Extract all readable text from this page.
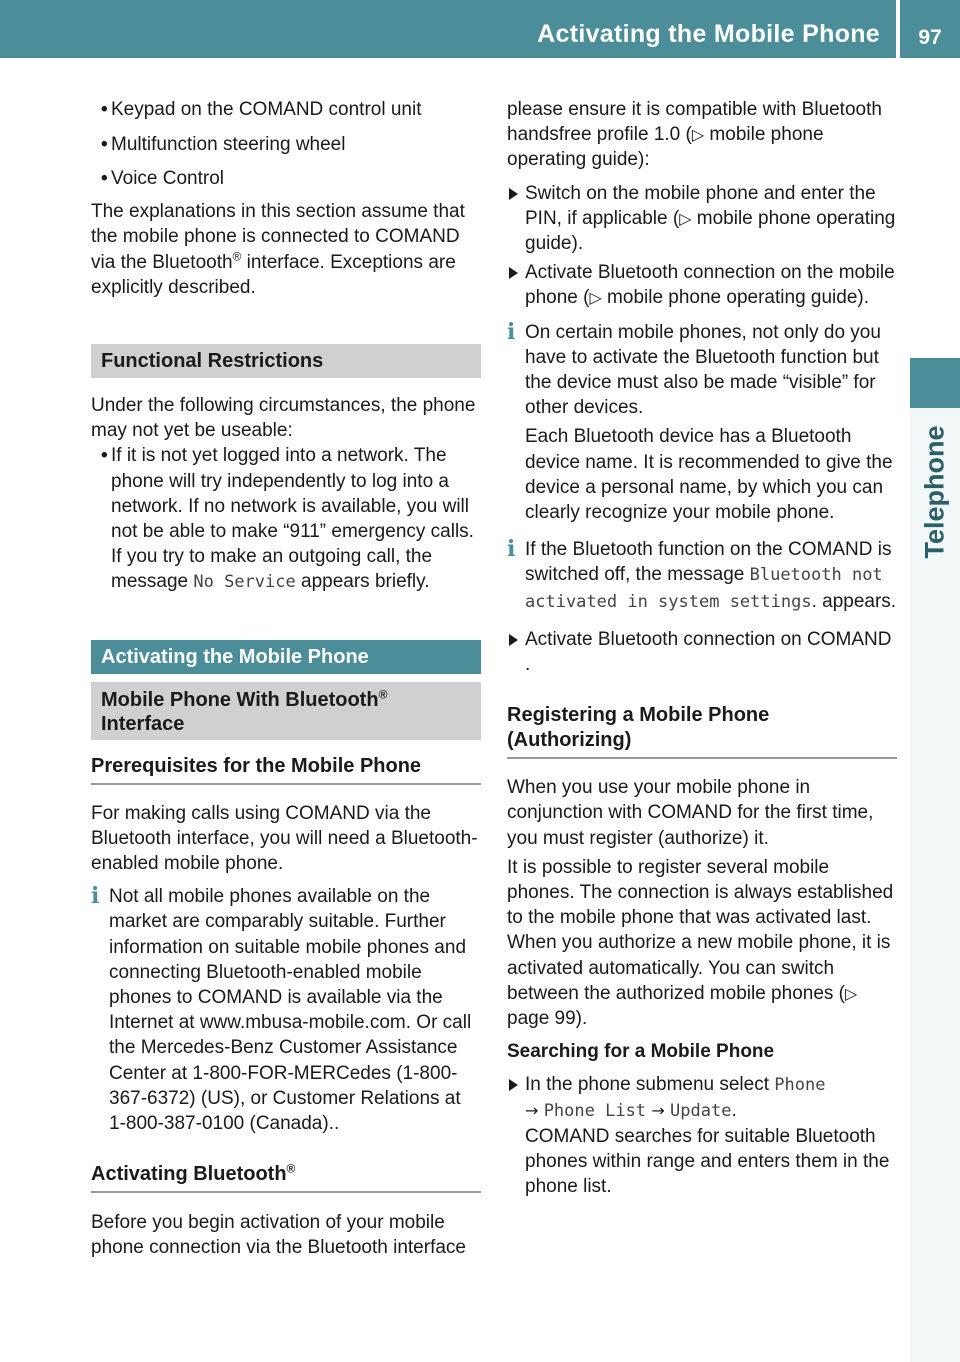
Activating the Mobile Phone	97
Telephone
• Keypad on the COMAND control unit
• Multifunction steering wheel
• Voice Control

The explanations in this section assume that the mobile phone is connected to COMAND via the Bluetooth® interface. Exceptions are explicitly described.

Functional Restrictions

Under the following circumstances, the phone may not yet be useable:

• If it is not yet logged into a network. The phone will try independently to log into a network. If no network is available, you will not be able to make “911” emergency calls. If you try to make an outgoing call, the message No Service appears briefly.
Activating the Mobile Phone
Mobile Phone With Bluetooth® Interface
Prerequisites for the Mobile Phone

For making calls using COMAND via the Bluetooth interface, you will need a Bluetooth-enabled mobile phone.

i
Not all mobile phones available on the market are comparably suitable. Further information on suitable mobile phones and connecting Bluetooth-enabled mobile phones to COMAND is available via the Internet at www.mbusa-mobile.com. Or call the Mercedes-Benz Customer Assistance Center at 1-800-FOR-MERCedes (1-800-367-6372) (US), or Customer Relations at 1-800-387-0100 (Canada)..
Activating Bluetooth®

Before you begin activation of your mobile phone connection via the Bluetooth interface

please ensure it is compatible with Bluetooth handsfree profile 1.0 (▷ mobile phone operating guide):

Switch on the mobile phone and enter the PIN, if applicable (▷ mobile phone operating guide).
Activate Bluetooth connection on the mobile phone (▷ mobile phone operating guide).
i

On certain mobile phones, not only do you have to activate the Bluetooth function but the device must also be made “visible” for other devices.

Each Bluetooth device has a Bluetooth device name. It is recommended to give the device a personal name, by which you can clearly recognize your mobile phone.

i
If the Bluetooth function on the COMAND is switched off, the message Bluetooth not activated in system settings. appears.
Activate Bluetooth connection on COMAND .
Registering a Mobile Phone (Authorizing)

When you use your mobile phone in conjunction with COMAND for the first time, you must register (authorize) it.

It is possible to register several mobile phones. The connection is always established to the mobile phone that was activated last. When you authorize a new mobile phone, it is activated automatically. You can switch between the authorized mobile phones (▷ page 99).

Searching for a Mobile Phone

In the phone submenu select Phone
→ Phone List → Update.

COMAND searches for suitable Bluetooth phones within range and enters them in the phone list.
